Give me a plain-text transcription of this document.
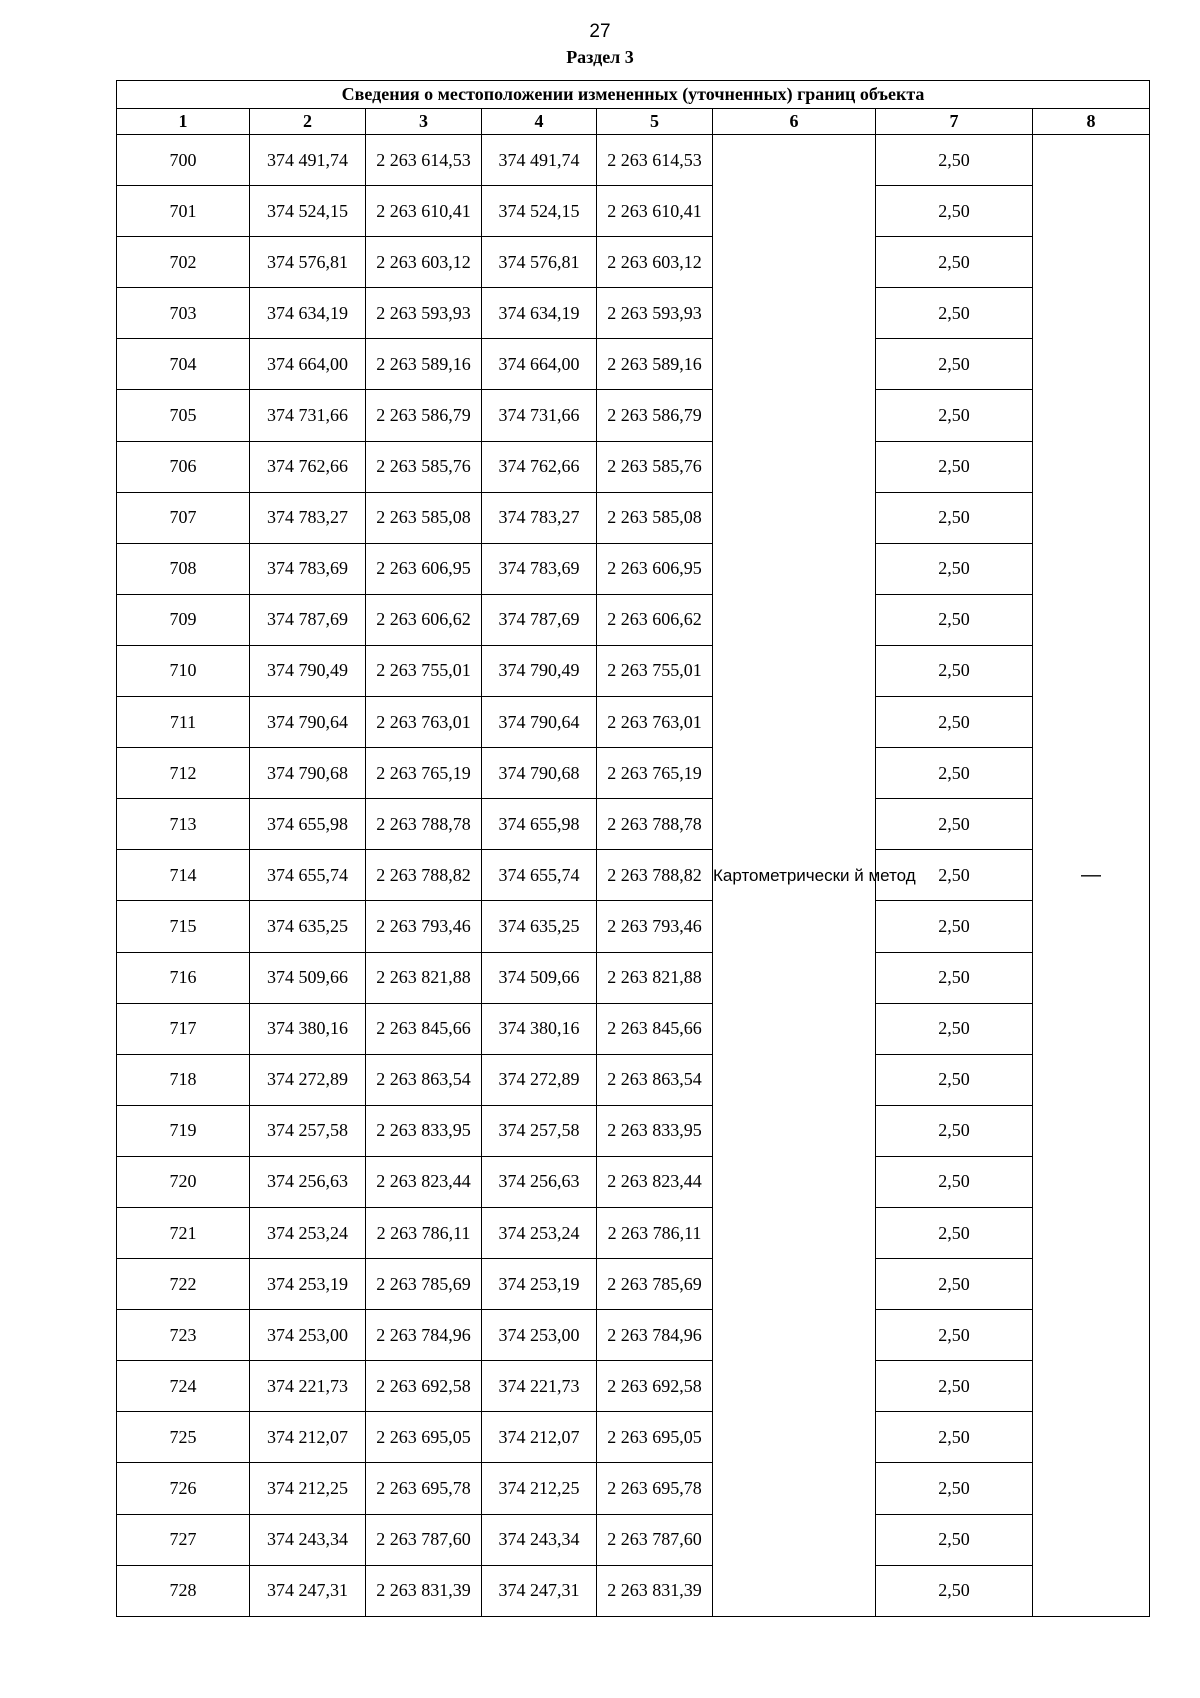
27
Раздел 3
Сведения о местоположении измененных (уточненных) границ объекта							
1	2	3	4	5	6	7	8
700	374 491,74	2 263 614,53	374 491,74	2 263 614,53	Картометрически й метод	2,50	—
701	374 524,15	2 263 610,41	374 524,15	2 263 610,41		2,50	
702	374 576,81	2 263 603,12	374 576,81	2 263 603,12		2,50	
703	374 634,19	2 263 593,93	374 634,19	2 263 593,93		2,50	
704	374 664,00	2 263 589,16	374 664,00	2 263 589,16		2,50	
705	374 731,66	2 263 586,79	374 731,66	2 263 586,79		2,50	
706	374 762,66	2 263 585,76	374 762,66	2 263 585,76		2,50	
707	374 783,27	2 263 585,08	374 783,27	2 263 585,08		2,50	
708	374 783,69	2 263 606,95	374 783,69	2 263 606,95		2,50	
709	374 787,69	2 263 606,62	374 787,69	2 263 606,62		2,50	
710	374 790,49	2 263 755,01	374 790,49	2 263 755,01		2,50	
711	374 790,64	2 263 763,01	374 790,64	2 263 763,01		2,50	
712	374 790,68	2 263 765,19	374 790,68	2 263 765,19		2,50	
713	374 655,98	2 263 788,78	374 655,98	2 263 788,78		2,50	
714	374 655,74	2 263 788,82	374 655,74	2 263 788,82		2,50	
715	374 635,25	2 263 793,46	374 635,25	2 263 793,46		2,50	
716	374 509,66	2 263 821,88	374 509,66	2 263 821,88		2,50	
717	374 380,16	2 263 845,66	374 380,16	2 263 845,66		2,50	
718	374 272,89	2 263 863,54	374 272,89	2 263 863,54		2,50	
719	374 257,58	2 263 833,95	374 257,58	2 263 833,95		2,50	
720	374 256,63	2 263 823,44	374 256,63	2 263 823,44		2,50	
721	374 253,24	2 263 786,11	374 253,24	2 263 786,11		2,50	
722	374 253,19	2 263 785,69	374 253,19	2 263 785,69		2,50	
723	374 253,00	2 263 784,96	374 253,00	2 263 784,96		2,50	
724	374 221,73	2 263 692,58	374 221,73	2 263 692,58		2,50	
725	374 212,07	2 263 695,05	374 212,07	2 263 695,05		2,50	
726	374 212,25	2 263 695,78	374 212,25	2 263 695,78		2,50	
727	374 243,34	2 263 787,60	374 243,34	2 263 787,60		2,50	
728	374 247,31	2 263 831,39	374 247,31	2 263 831,39		2,50	
